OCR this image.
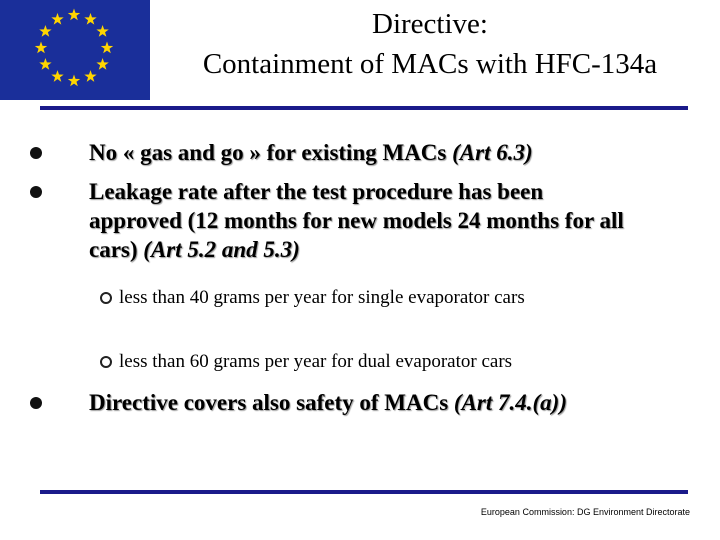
Directive:
Containment of MACs with HFC-134a
No « gas and go » for existing MACs (Art 6.3)
Leakage rate after the test procedure has been approved (12 months for new models 24 months for all cars) (Art 5.2 and 5.3)
less than 40 grams per year for single evaporator cars
less than 60 grams per year for dual evaporator cars
Directive covers also safety of MACs (Art 7.4.(a))
European Commission: DG Environment Directorate
